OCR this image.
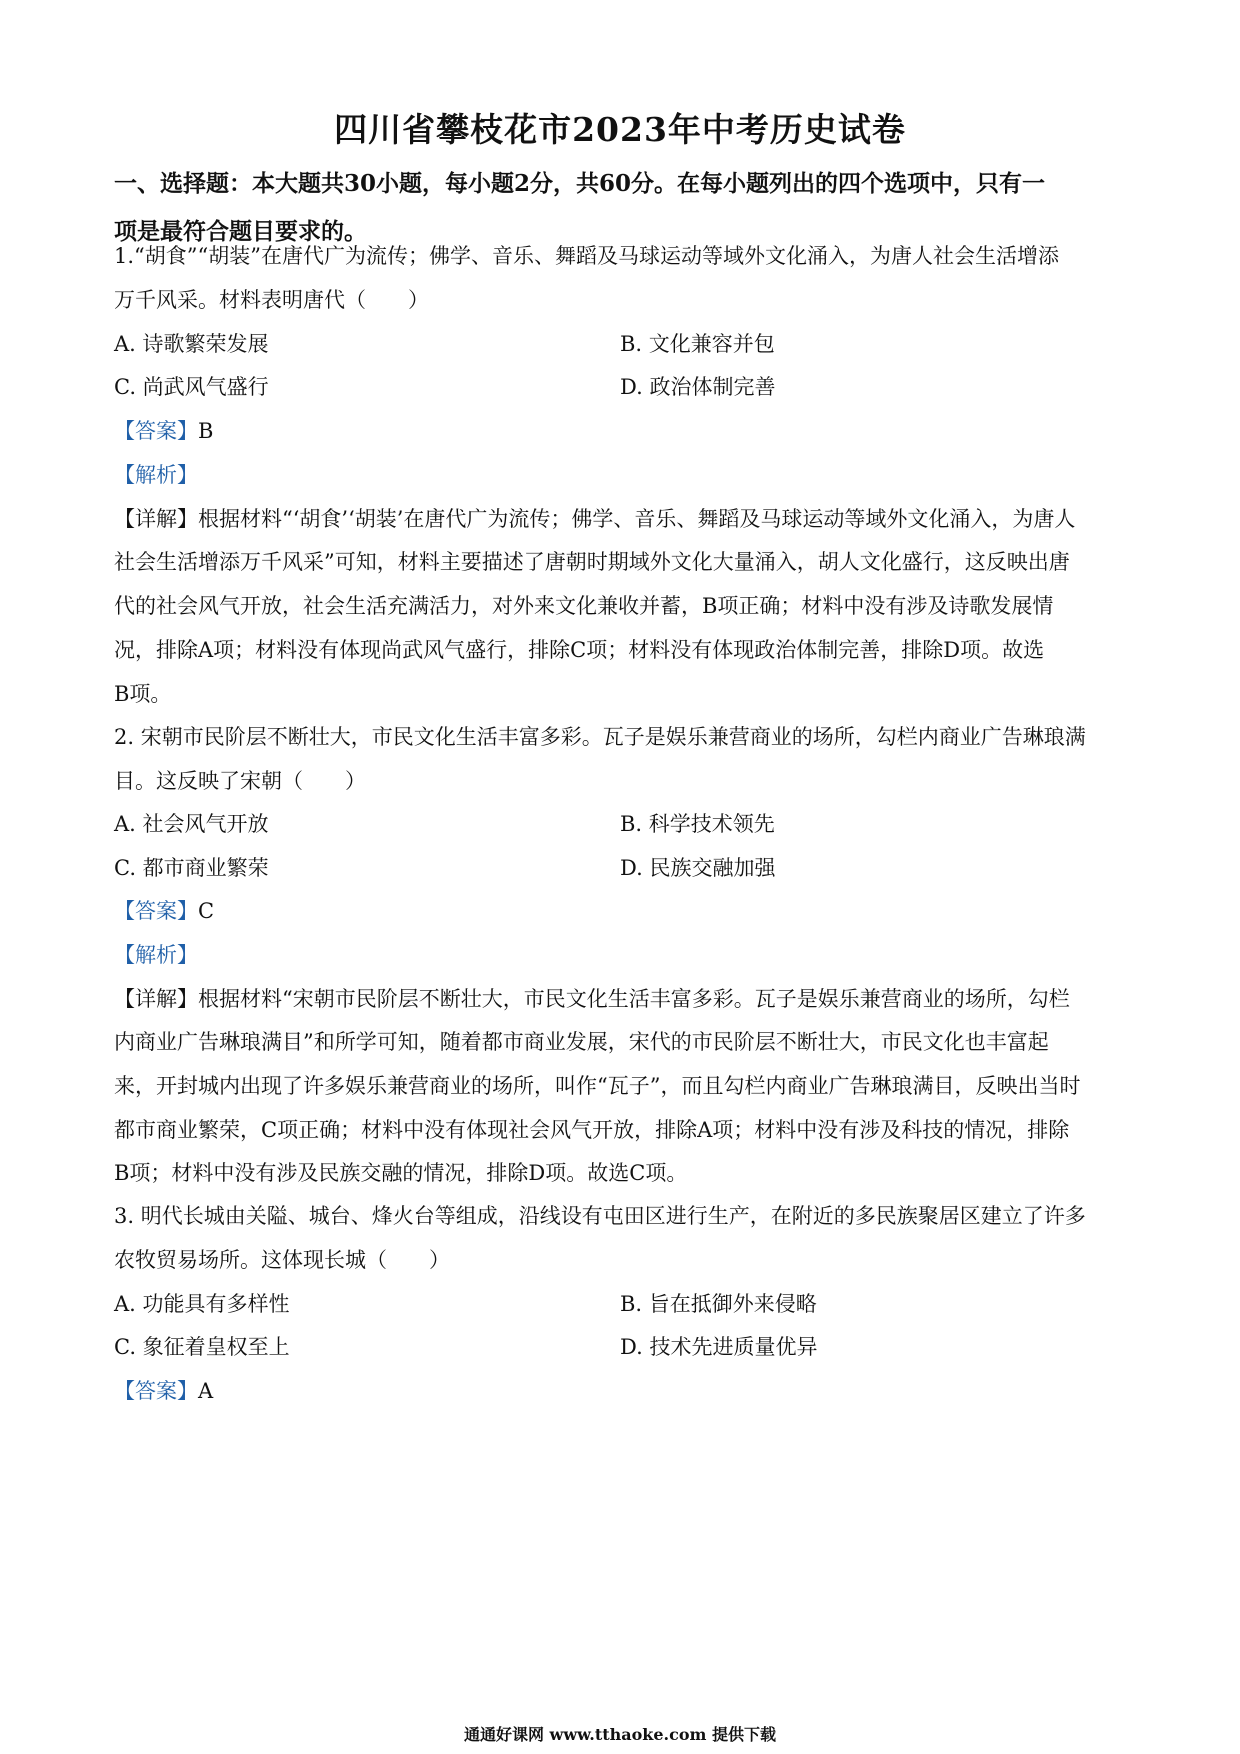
四川省攀枝花市2023年中考历史试卷
一、选择题：本大题共30小题，每小题2分，共60分。在每小题列出的四个选项中，只有一
项是最符合题目要求的。
1.“胡食”“胡装”在唐代广为流传；佛学、音乐、舞蹈及马球运动等域外文化涌入，为唐人社会生活增添
万千风采。材料表明唐代（　　）
A. 诗歌繁荣发展	B. 文化兼容并包
C. 尚武风气盛行	D. 政治体制完善
【答案】B
【解析】
【详解】根据材料“‘胡食’‘胡装’在唐代广为流传；佛学、音乐、舞蹈及马球运动等域外文化涌入，为唐人
社会生活增添万千风采”可知，材料主要描述了唐朝时期域外文化大量涌入，胡人文化盛行，这反映出唐
代的社会风气开放，社会生活充满活力，对外来文化兼收并蓄，B项正确；材料中没有涉及诗歌发展情
况，排除A项；材料没有体现尚武风气盛行，排除C项；材料没有体现政治体制完善，排除D项。故选
B项。
2. 宋朝市民阶层不断壮大，市民文化生活丰富多彩。瓦子是娱乐兼营商业的场所，勾栏内商业广告琳琅满
目。这反映了宋朝（　　）
A. 社会风气开放	B. 科学技术领先
C. 都市商业繁荣	D. 民族交融加强
【答案】C
【解析】
【详解】根据材料“宋朝市民阶层不断壮大，市民文化生活丰富多彩。瓦子是娱乐兼营商业的场所，勾栏
内商业广告琳琅满目”和所学可知，随着都市商业发展，宋代的市民阶层不断壮大，市民文化也丰富起
来，开封城内出现了许多娱乐兼营商业的场所，叫作“瓦子”，而且勾栏内商业广告琳琅满目，反映出当时
都市商业繁荣，C项正确；材料中没有体现社会风气开放，排除A项；材料中没有涉及科技的情况，排除
B项；材料中没有涉及民族交融的情况，排除D项。故选C项。
3. 明代长城由关隘、城台、烽火台等组成，沿线设有屯田区进行生产，在附近的多民族聚居区建立了许多
农牧贸易场所。这体现长城（　　）
A. 功能具有多样性	B. 旨在抵御外来侵略
C. 象征着皇权至上	D. 技术先进质量优异
【答案】A
通通好课网 www.tthaoke.com 提供下载
